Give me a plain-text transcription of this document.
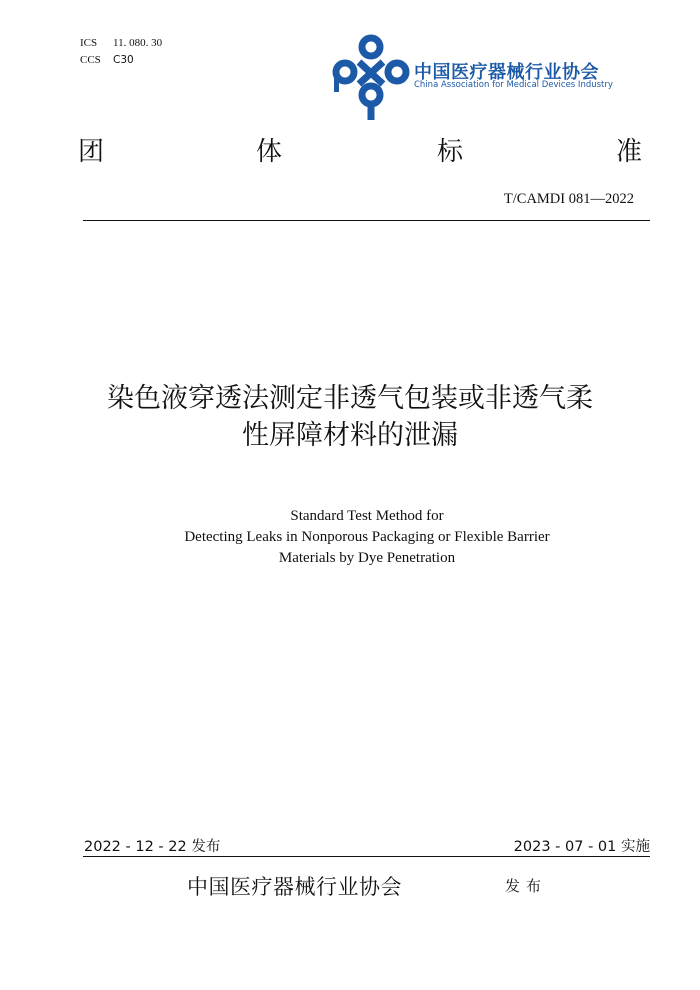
ICS 11. 080. 30
CCS C30
中国医疗器械行业协会
China Association for Medical Devices Industry
团	体	标	准
T/CAMDI 081—2022
染色液穿透法测定非透气包装或非透气柔
性屏障材料的泄漏
Standard Test Method for
Detecting Leaks in Nonporous Packaging or Flexible Barrier
Materials by Dye Penetration
2022 - 12 - 22 发布	2023 - 07 - 01 实施
中国医疗器械行业协会	发布
